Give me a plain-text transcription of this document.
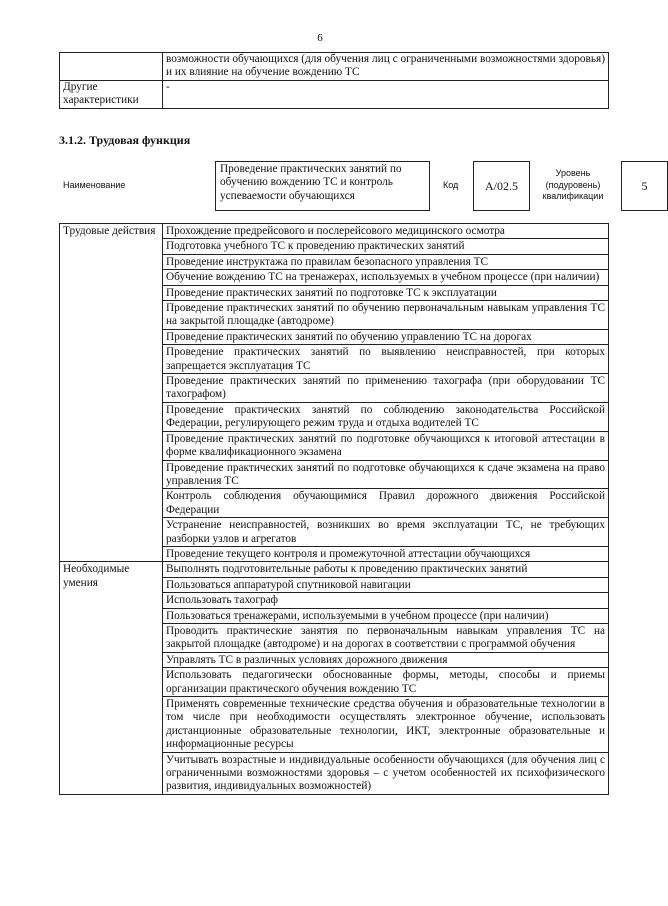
6
	возможности обучающихся (для обучения лиц с ограниченными возможностями здоровья) и их влияние на обучение вождению ТС
Другие характеристики	-
3.1.2. Трудовая функция
Наименование
Проведение практических занятий по обучению вождению ТС и контроль успеваемости обучающихся
Код	A/02.5
Уровень (подуровень) квалификации
5
Трудовые действия	Прохождение предрейсового и послерейсового медицинского осмотра
	Подготовка учебного ТС к проведению практических занятий
	Проведение инструктажа по правилам безопасного управления ТС
	Обучение вождению ТС на тренажерах, используемых в учебном процессе (при наличии)
	Проведение практических занятий по подготовке ТС к эксплуатации
	Проведение практических занятий по обучению первоначальным навыкам управления ТС на закрытой площадке (автодроме)
	Проведение практических занятий по обучению управлению ТС на дорогах
	Проведение практических занятий по выявлению неисправностей, при которых запрещается эксплуатация ТС
	Проведение практических занятий по применению тахографа (при оборудовании ТС тахографом)
	Проведение практических занятий по соблюдению законодательства Российской Федерации, регулирующего режим труда и отдыха водителей ТС
	Проведение практических занятий по подготовке обучающихся к итоговой аттестации в форме квалификационного экзамена
	Проведение практических занятий по подготовке обучающихся к сдаче экзамена на право управления ТС
	Контроль соблюдения обучающимися Правил дорожного движения Российской Федерации
	Устранение неисправностей, возникших во время эксплуатации ТС, не требующих разборки узлов и агрегатов
	Проведение текущего контроля и промежуточной аттестации обучающихся
Необходимые умения	Выполнять подготовительные работы к проведению практических занятий
	Пользоваться аппаратурой спутниковой навигации
	Использовать тахограф
	Пользоваться тренажерами, используемыми в учебном процессе (при наличии)
	Проводить практические занятия по первоначальным навыкам управления ТС на закрытой площадке (автодроме) и на дорогах в соответствии с программой обучения
	Управлять ТС в различных условиях дорожного движения
	Использовать педагогически обоснованные формы, методы, способы и приемы организации практического обучения вождению ТС
	Применять современные технические средства обучения и образовательные технологии в том числе при необходимости осуществлять электронное обучение, использовать дистанционные образовательные технологии, ИКТ, электронные образовательные и информационные ресурсы
	Учитывать возрастные и индивидуальные особенности обучающихся (для обучения лиц с ограниченными возможностями здоровья – с учетом особенностей их психофизического развития, индивидуальных возможностей)
